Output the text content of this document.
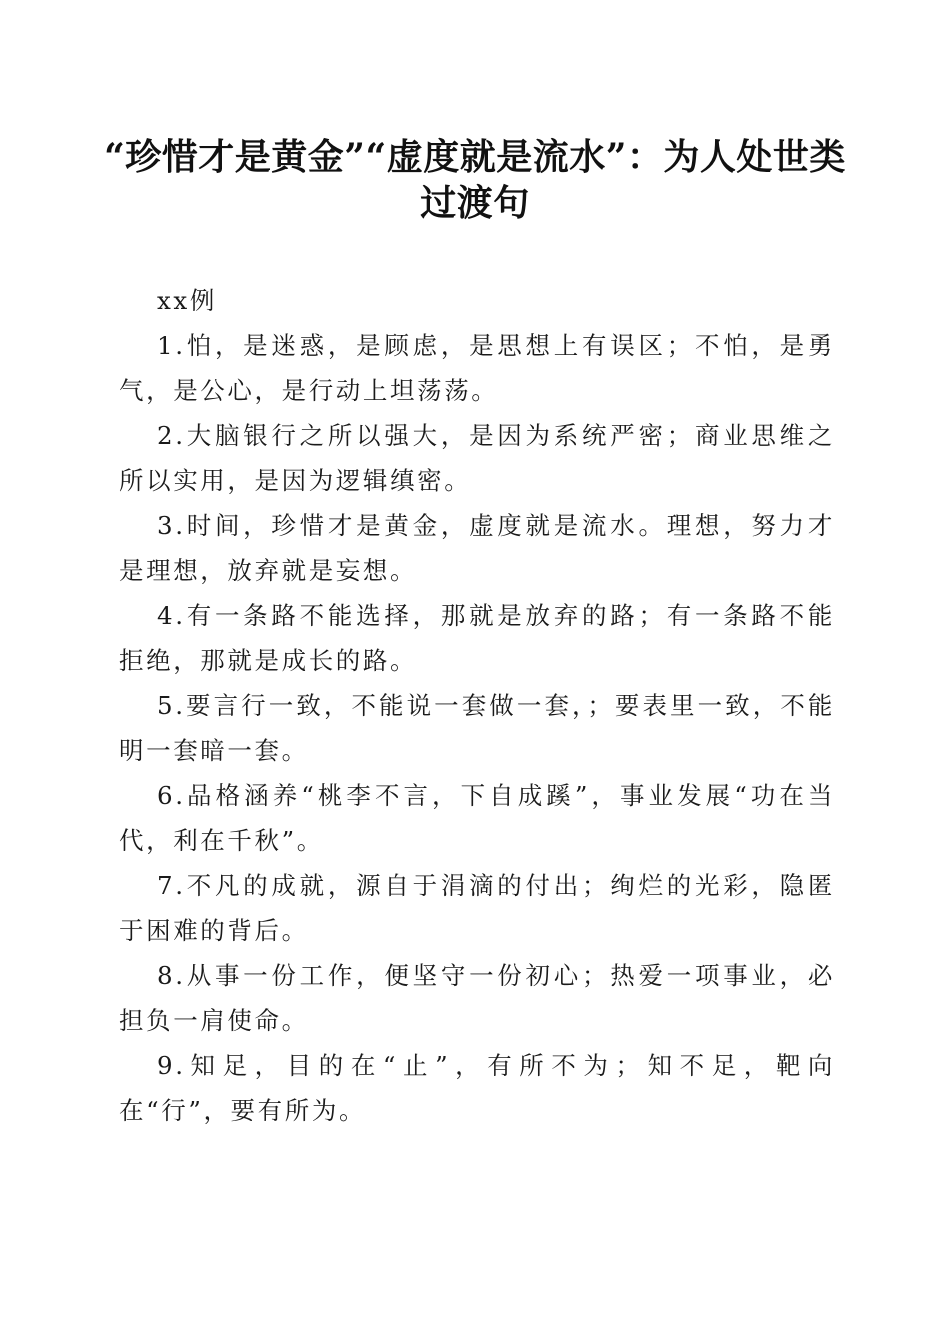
“珍惜才是黄金”“虚度就是流水”：为人处世类过渡句

xx例

1.怕，是迷惑，是顾虑，是思想上有误区；不怕，是勇气，是公心，是行动上坦荡荡。

2.大脑银行之所以强大，是因为系统严密；商业思维之所以实用，是因为逻辑缜密。

3.时间，珍惜才是黄金，虚度就是流水。理想，努力才是理想，放弃就是妄想。

4.有一条路不能选择，那就是放弃的路；有一条路不能拒绝，那就是成长的路。

5.要言行一致，不能说一套做一套，；要表里一致，不能明一套暗一套。

6.品格涵养“桃李不言，下自成蹊”，事业发展“功在当代，利在千秋”。

7.不凡的成就，源自于涓滴的付出；绚烂的光彩，隐匿于困难的背后。

8.从事一份工作，便坚守一份初心；热爱一项事业，必担负一肩使命。

9.知足，目的在“止”，有所不为；知不足，靶向在“行”，要有所为。
